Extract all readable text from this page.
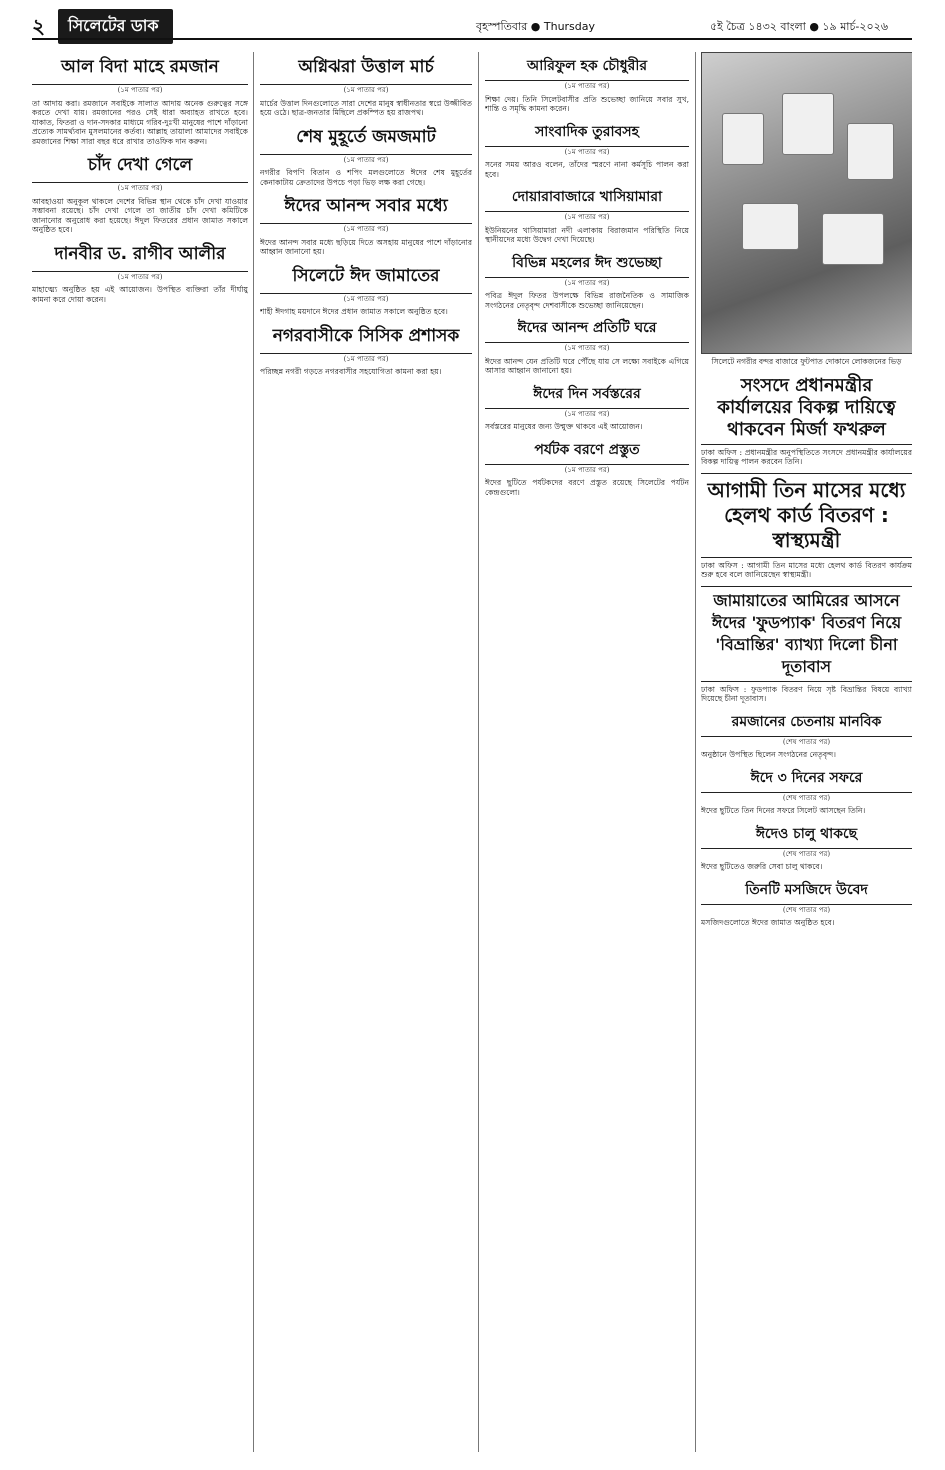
২	সিলেটের ডাক	বৃহস্পতিবার ● Thursday	৫ই চৈত্র ১৪৩২ বাংলা ● ১৯ মার্চ-২০২৬
আল বিদা মাহে রমজান
(১ম পাতার পর)

তা আদায় করা। রমজানে সবাইকে সালাত আদায় অনেক গুরুত্বের সঙ্গে করতে দেখা যায়। রমজানের পরও সেই ধারা অব্যাহত রাখতে হবে। যাকাত, ফিতরা ও দান-সদকার মাধ্যমে গরিব-দুঃখী মানুষের পাশে দাঁড়ানো প্রত্যেক সামর্থ্যবান মুসলমানের কর্তব্য। আল্লাহ তায়ালা আমাদের সবাইকে রমজানের শিক্ষা সারা বছর ধরে রাখার তাওফিক দান করুন।

চাঁদ দেখা গেলে
(১ম পাতার পর)

আবহাওয়া অনুকূল থাকলে দেশের বিভিন্ন স্থান থেকে চাঁদ দেখা যাওয়ার সম্ভাবনা রয়েছে। চাঁদ দেখা গেলে তা জাতীয় চাঁদ দেখা কমিটিকে জানানোর অনুরোধ করা হয়েছে। ঈদুল ফিতরের প্রধান জামাত সকালে অনুষ্ঠিত হবে।

দানবীর ড. রাগীব আলীর
(১ম পাতার পর)

মাহাত্ম্যে অনুষ্ঠিত হয় এই আয়োজন। উপস্থিত ব্যক্তিরা তাঁর দীর্ঘায়ু কামনা করে দোয়া করেন।

অগ্নিঝরা উত্তাল মার্চ
(১ম পাতার পর)

মার্চের উত্তাল দিনগুলোতে সারা দেশের মানুষ স্বাধীনতার স্বপ্নে উজ্জীবিত হয়ে ওঠে। ছাত্র-জনতার মিছিলে প্রকম্পিত হয় রাজপথ।

শেষ মুহূর্তে জমজমাট
(১ম পাতার পর)

নগরীর বিপণি বিতান ও শপিং মলগুলোতে ঈদের শেষ মুহূর্তের কেনাকাটায় ক্রেতাদের উপচে পড়া ভিড় লক্ষ করা গেছে।

ঈদের আনন্দ সবার মধ্যে
(১ম পাতার পর)

ঈদের আনন্দ সবার মধ্যে ছড়িয়ে দিতে অসহায় মানুষের পাশে দাঁড়ানোর আহ্বান জানানো হয়।

সিলেটে ঈদ জামাতের
(১ম পাতার পর)

শাহী ঈদগাহ ময়দানে ঈদের প্রধান জামাত সকালে অনুষ্ঠিত হবে।

নগরবাসীকে সিসিক প্রশাসক
(১ম পাতার পর)

পরিচ্ছন্ন নগরী গড়তে নগরবাসীর সহযোগিতা কামনা করা হয়।

আরিফুল হক চৌধুরীর
(১ম পাতার পর)

শিক্ষা দেয়। তিনি সিলেটবাসীর প্রতি শুভেচ্ছা জানিয়ে সবার সুখ, শান্তি ও সমৃদ্ধি কামনা করেন।

সাংবাদিক তুরাবসহ
(১ম পাতার পর)

সনের সময় আরও বলেন, তাঁদের স্মরণে নানা কর্মসূচি পালন করা হবে।

দোয়ারাবাজারে খাসিয়ামারা
(১ম পাতার পর)

ইউনিয়নের খাসিয়ামারা নদী এলাকায় বিরাজমান পরিস্থিতি নিয়ে স্থানীয়দের মধ্যে উদ্বেগ দেখা দিয়েছে।

বিভিন্ন মহলের ঈদ শুভেচ্ছা
(১ম পাতার পর)

পবিত্র ঈদুল ফিতর উপলক্ষে বিভিন্ন রাজনৈতিক ও সামাজিক সংগঠনের নেতৃবৃন্দ দেশবাসীকে শুভেচ্ছা জানিয়েছেন।

ঈদের আনন্দ প্রতিটি ঘরে
(১ম পাতার পর)

ঈদের আনন্দ যেন প্রতিটি ঘরে পৌঁছে যায় সে লক্ষ্যে সবাইকে এগিয়ে আসার আহ্বান জানানো হয়।

ঈদের দিন সর্বস্তরের
(১ম পাতার পর)

সর্বস্তরের মানুষের জন্য উন্মুক্ত থাকবে এই আয়োজন।

পর্যটক বরণে প্রস্তুত
(১ম পাতার পর)

ঈদের ছুটিতে পর্যটকদের বরণে প্রস্তুত রয়েছে সিলেটের পর্যটন কেন্দ্রগুলো।

সিলেটে নগরীর বন্দর বাজারে ফুটপাত দোকানে লোকজনের ভিড়
সংসদে প্রধানমন্ত্রীর কার্যালয়ের বিকল্প দায়িত্বে থাকবেন মির্জা ফখরুল

ঢাকা অফিস : প্রধানমন্ত্রীর অনুপস্থিতিতে সংসদে প্রধানমন্ত্রীর কার্যালয়ের বিকল্প দায়িত্ব পালন করবেন তিনি।

আগামী তিন মাসের মধ্যে হেলথ কার্ড বিতরণ : স্বাস্থ্যমন্ত্রী

ঢাকা অফিস : আগামী তিন মাসের মধ্যে হেলথ কার্ড বিতরণ কার্যক্রম শুরু হবে বলে জানিয়েছেন স্বাস্থ্যমন্ত্রী।

জামায়াতের আমিরের আসনে ঈদের 'ফুডপ্যাক' বিতরণ নিয়ে 'বিভ্রান্তির' ব্যাখ্যা দিলো চীনা দূতাবাস

ঢাকা অফিস : ফুডপ্যাক বিতরণ নিয়ে সৃষ্ট বিভ্রান্তির বিষয়ে ব্যাখ্যা দিয়েছে চীনা দূতাবাস।

রমজানের চেতনায় মানবিক
(শেষ পাতার পর)

অনুষ্ঠানে উপস্থিত ছিলেন সংগঠনের নেতৃবৃন্দ।

ঈদে ৩ দিনের সফরে
(শেষ পাতার পর)

ঈদের ছুটিতে তিন দিনের সফরে সিলেট আসছেন তিনি।

ঈদেও চালু থাকছে
(শেষ পাতার পর)

ঈদের ছুটিতেও জরুরি সেবা চালু থাকবে।

তিনটি মসজিদে উবেদ
(শেষ পাতার পর)

মসজিদগুলোতে ঈদের জামাত অনুষ্ঠিত হবে।
